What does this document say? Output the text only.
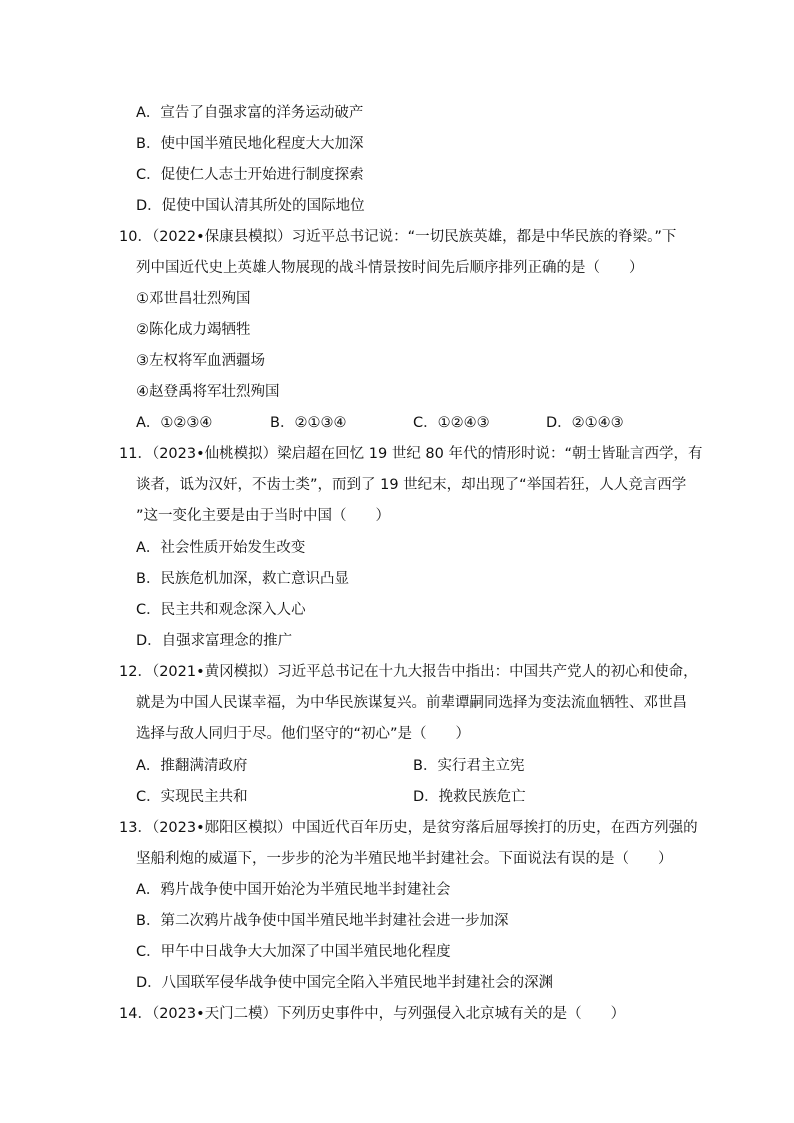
A．宣告了自强求富的洋务运动破产
B．使中国半殖民地化程度大大加深
C．促使仁人志士开始进行制度探索
D．促使中国认清其所处的国际地位
10．（2022•保康县模拟）习近平总书记说：“一切民族英雄，都是中华民族的脊梁。”下
列中国近代史上英雄人物展现的战斗情景按时间先后顺序排列正确的是（　　）
①邓世昌壮烈殉国
②陈化成力竭牺牲
③左权将军血洒疆场
④赵登禹将军壮烈殉国
A．①②③④	B．②①③④	C．①②④③	D．②①④③
11．（2023•仙桃模拟）梁启超在回忆 19 世纪 80 年代的情形时说：“朝士皆耻言西学，有
谈者，诋为汉奸，不齿士类”，而到了 19 世纪末，却出现了“举国若狂，人人竞言西学
”这一变化主要是由于当时中国（　　）
A．社会性质开始发生改变
B．民族危机加深，救亡意识凸显
C．民主共和观念深入人心
D．自强求富理念的推广
12．（2021•黄冈模拟）习近平总书记在十九大报告中指出：中国共产党人的初心和使命，
就是为中国人民谋幸福，为中华民族谋复兴。前辈谭嗣同选择为变法流血牺牲、邓世昌
选择与敌人同归于尽。他们坚守的“初心”是（　　）
A．推翻满清政府	B．实行君主立宪
C．实现民主共和	D．挽救民族危亡
13．（2023•郧阳区模拟）中国近代百年历史，是贫穷落后屈辱挨打的历史，在西方列强的
坚船利炮的威逼下，一步步的沦为半殖民地半封建社会。下面说法有误的是（　　）
A．鸦片战争使中国开始沦为半殖民地半封建社会
B．第二次鸦片战争使中国半殖民地半封建社会进一步加深
C．甲午中日战争大大加深了中国半殖民地化程度
D．八国联军侵华战争使中国完全陷入半殖民地半封建社会的深渊
14．（2023•天门二模）下列历史事件中，与列强侵入北京城有关的是（　　）
